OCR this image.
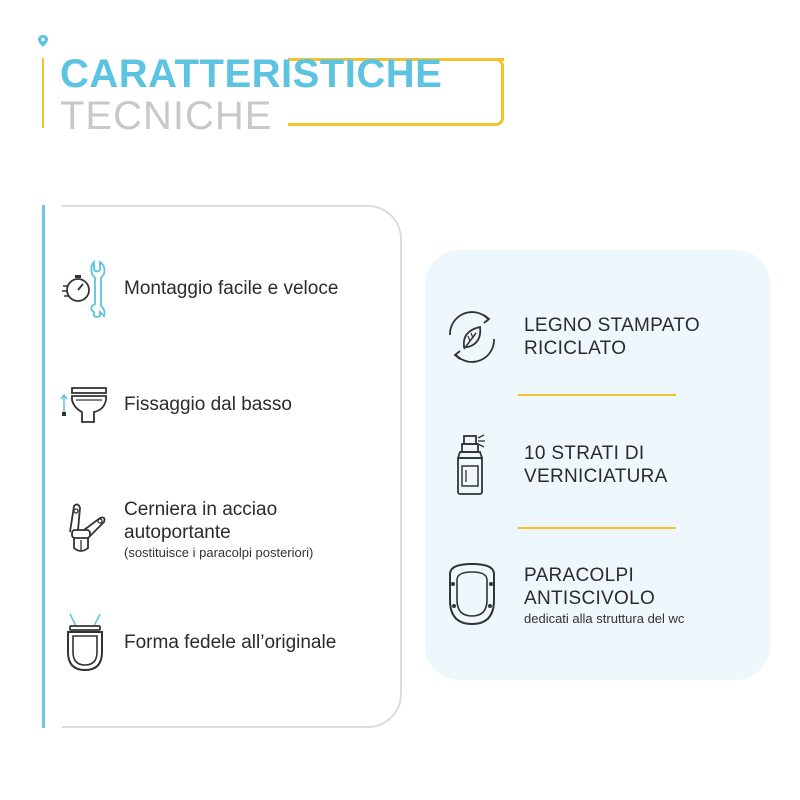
CARATTERISTICHE
TECNICHE
Montaggio facile e veloce
Fissaggio dal basso
Cerniera in acciao autoportante
(sostituisce i paracolpi posteriori)
Forma fedele all’originale
LEGNO STAMPATO
RICICLATO
10 STRATI DI
VERNICIATURA
PARACOLPI
ANTISCIVOLO
dedicati alla struttura del wc
